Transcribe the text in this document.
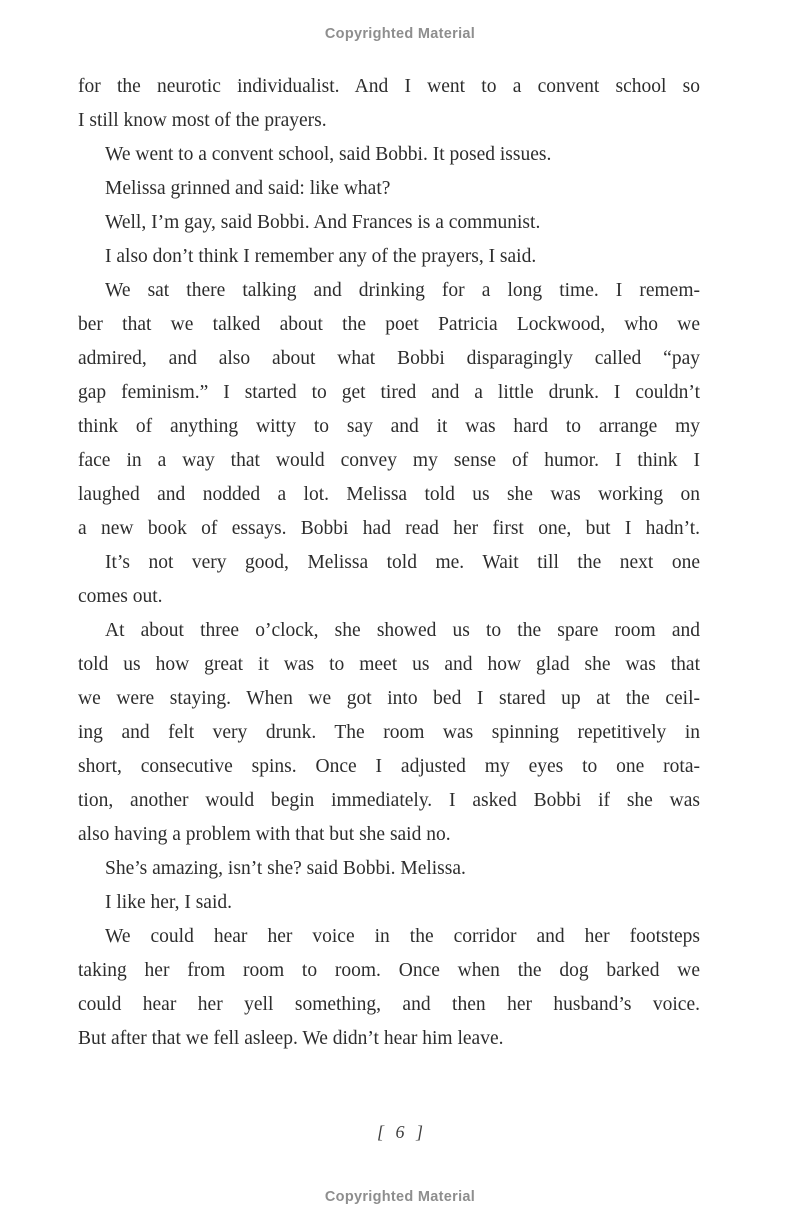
Copyrighted Material
for the neurotic individualist. And I went to a convent school so
I still know most of the prayers.
We went to a convent school, said Bobbi. It posed issues.
Melissa grinned and said: like what?
Well, I’m gay, said Bobbi. And Frances is a communist.
I also don’t think I remember any of the prayers, I said.
We sat there talking and drinking for a long time. I remem-
ber that we talked about the poet Patricia Lockwood, who we
admired, and also about what Bobbi disparagingly called “pay
gap feminism.” I started to get tired and a little drunk. I couldn’t
think of anything witty to say and it was hard to arrange my
face in a way that would convey my sense of humor. I think I
laughed and nodded a lot. Melissa told us she was working on
a new book of essays. Bobbi had read her first one, but I hadn’t.
It’s not very good, Melissa told me. Wait till the next one
comes out.
At about three o’clock, she showed us to the spare room and
told us how great it was to meet us and how glad she was that
we were staying. When we got into bed I stared up at the ceil-
ing and felt very drunk. The room was spinning repetitively in
short, consecutive spins. Once I adjusted my eyes to one rota-
tion, another would begin immediately. I asked Bobbi if she was
also having a problem with that but she said no.
She’s amazing, isn’t she? said Bobbi. Melissa.
I like her, I said.
We could hear her voice in the corridor and her footsteps
taking her from room to room. Once when the dog barked we
could hear her yell something, and then her husband’s voice.
But after that we fell asleep. We didn’t hear him leave.
[ 6 ]
Copyrighted Material
